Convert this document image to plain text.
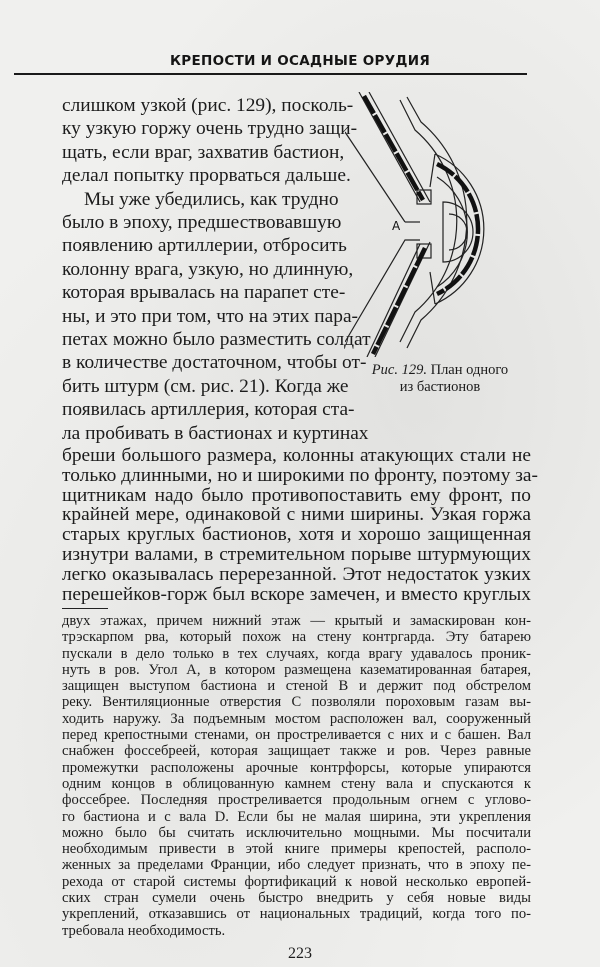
КРЕПОСТИ И ОСАДНЫЕ ОРУДИЯ
слишком узкой (рис. 129), посколь-
ку узкую горжу очень трудно защи-
щать, если враг, захватив бастион,
делал попытку прорваться дальше.
Мы уже убедились, как трудно
было в эпоху, предшествовавшую
появлению артиллерии, отбросить
колонну врага, узкую, но длинную,
которая врывалась на парапет сте-
ны, и это при том, что на этих пара-
петах можно было разместить солдат
в количестве достаточном, чтобы от-
бить штурм (см. рис. 21). Когда же
появилась артиллерия, которая ста-
ла пробивать в бастионах и куртинах
бреши большого размера, колонны атакующих стали не
только длинными, но и широкими по фронту, поэтому за-
щитникам надо было противопоставить ему фронт, по
крайней мере, одинаковой с ними ширины. Узкая горжа
старых круглых бастионов, хотя и хорошо защищенная
изнутри валами, в стремительном порыве штурмующих
легко оказывалась перерезанной. Этот недостаток узких
перешейков-горж был вскоре замечен, и вместо круглых
A
Рис. 129. План одного
из бастионов
двух этажах, причем нижний этаж — крытый и замаскирован кон-
трэскарпом рва, который похож на стену контргарда. Эту батарею
пускали в дело только в тех случаях, когда врагу удавалось проник-
нуть в ров. Угол А, в котором размещена казематированная батарея,
защищен выступом бастиона и стеной В и держит под обстрелом
реку. Вентиляционные отверстия С позволяли пороховым газам вы-
ходить наружу. За подъемным мостом расположен вал, сооруженный
перед крепостными стенами, он простреливается с них и с башен. Вал
снабжен фоссебреей, которая защищает также и ров. Через равные
промежутки расположены арочные контрфорсы, которые упираются
одним концов в облицованную камнем стену вала и спускаются к
фоссебрее. Последняя простреливается продольным огнем с углово-
го бастиона и с вала D. Если бы не малая ширина, эти укрепления
можно было бы считать исключительно мощными. Мы посчитали
необходимым привести в этой книге примеры крепостей, располо-
женных за пределами Франции, ибо следует признать, что в эпоху пе-
рехода от старой системы фортификаций к новой несколько европей-
ских стран сумели очень быстро внедрить у себя новые виды
укреплений, отказавшись от национальных традиций, когда того по-
требовала необходимость.
223
